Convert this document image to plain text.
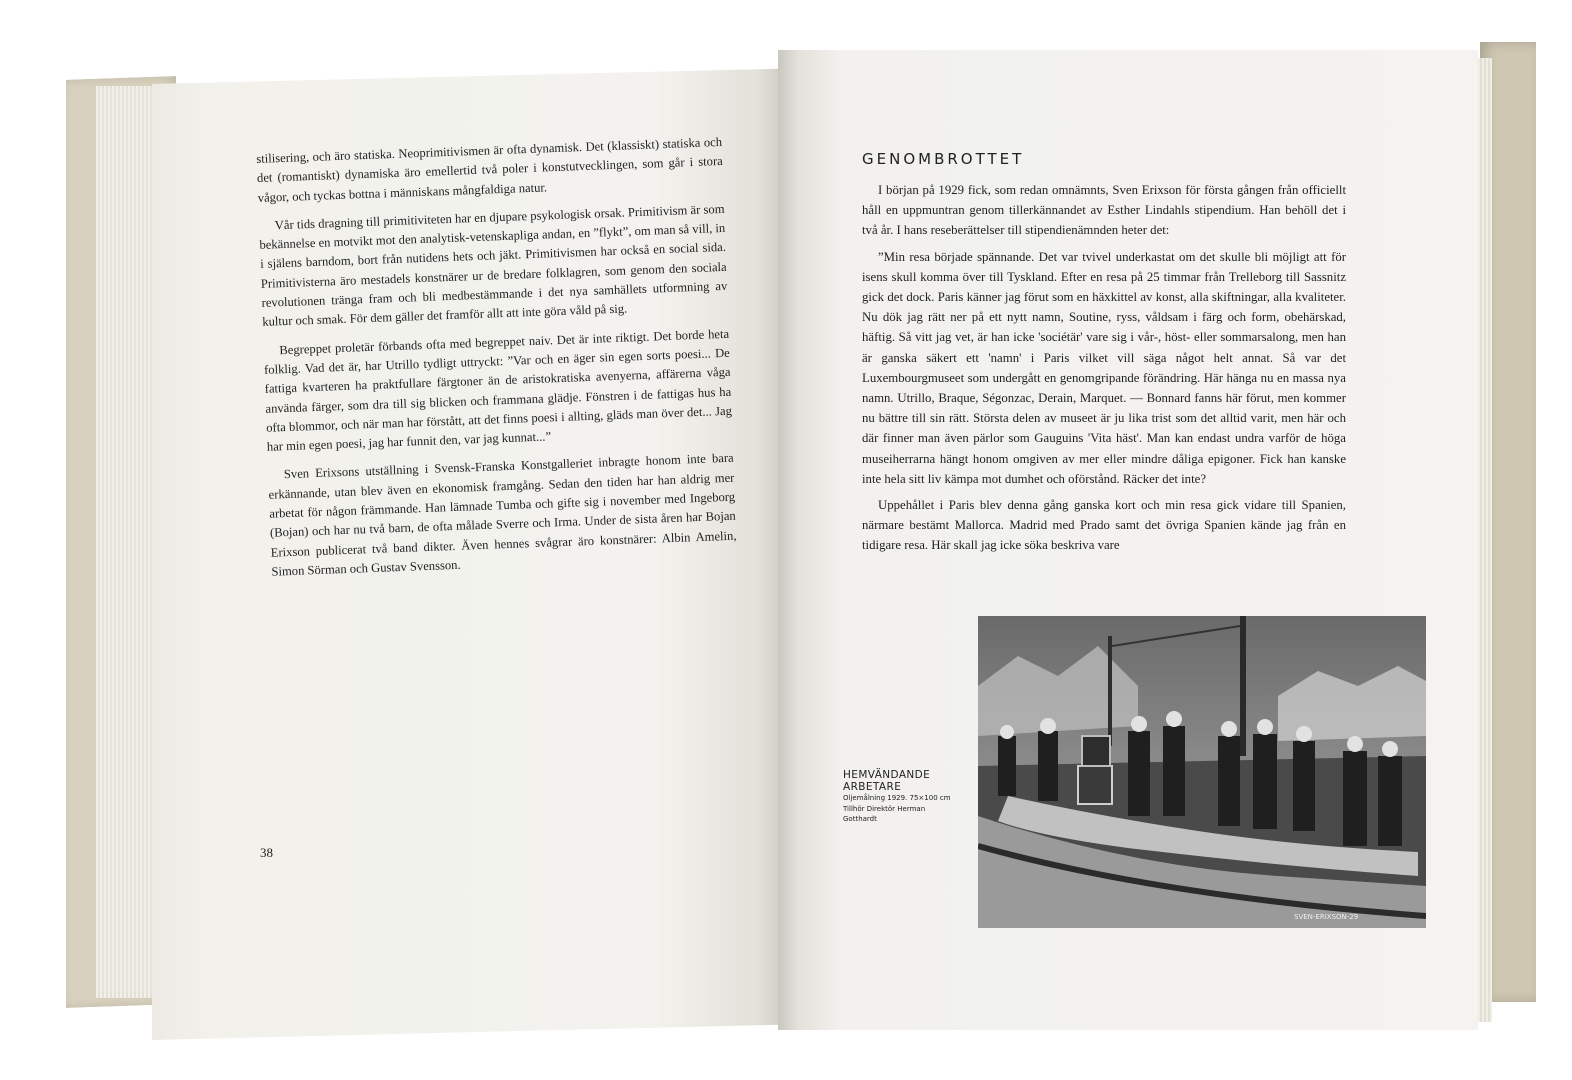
stilisering, och äro statiska. Neoprimitivismen är ofta dynamisk. Det (klassiskt) statiska och det (romantiskt) dynamiska äro emellertid två poler i konstutvecklingen, som går i stora vågor, och tyckas bottna i människans mångfaldiga natur.

Vår tids dragning till primitiviteten har en djupare psykologisk orsak. Primitivism är som bekännelse en motvikt mot den analytisk-vetenskapliga andan, en ”flykt”, om man så vill, in i själens barndom, bort från nutidens hets och jäkt. Primitivismen har också en social sida. Primitivisterna äro mestadels konstnärer ur de bredare folklagren, som genom den sociala revolutionen tränga fram och bli medbestämmande i det nya samhällets utformning av kultur och smak. För dem gäller det framför allt att inte göra våld på sig.

Begreppet proletär förbands ofta med begreppet naiv. Det är inte riktigt. Det borde heta folklig. Vad det är, har Utrillo tydligt uttryckt: ”Var och en äger sin egen sorts poesi... De fattiga kvarteren ha praktfullare färgtoner än de aristokratiska avenyerna, affärerna våga använda färger, som dra till sig blicken och frammana glädje. Fönstren i de fattigas hus ha ofta blommor, och när man har förstått, att det finns poesi i allting, gläds man över det... Jag har min egen poesi, jag har funnit den, var jag kunnat...”

Sven Erixsons utställning i Svensk-Franska Konstgalleriet inbragte honom inte bara erkännande, utan blev även en ekonomisk framgång. Sedan den tiden har han aldrig mer arbetat för någon främmande. Han lämnade Tumba och gifte sig i november med Ingeborg (Bojan) och har nu två barn, de ofta målade Sverre och Irma. Under de sista åren har Bojan Erixson publicerat två band dikter. Även hennes svågrar äro konstnärer: Albin Amelin, Simon Sörman och Gustav Svensson.

38
GENOMBROTTET

I början på 1929 fick, som redan omnämnts, Sven Erixson för första gången från officiellt håll en uppmuntran genom tillerkännandet av Esther Lindahls stipendium. Han behöll det i två år. I hans reseberättelser till stipendienämnden heter det:

”Min resa började spännande. Det var tvivel underkastat om det skulle bli möjligt att för isens skull komma över till Tyskland. Efter en resa på 25 timmar från Trelleborg till Sassnitz gick det dock. Paris känner jag förut som en häxkittel av konst, alla skiftningar, alla kvaliteter. Nu dök jag rätt ner på ett nytt namn, Soutine, ryss, våldsam i färg och form, obehärskad, häftig. Så vitt jag vet, är han icke 'sociétär' vare sig i vår-, höst- eller sommarsalong, men han är ganska säkert ett 'namn' i Paris vilket vill säga något helt annat. Så var det Luxembourgmuseet som undergått en genomgripande förändring. Här hänga nu en massa nya namn. Utrillo, Braque, Ségonzac, Derain, Marquet. — Bonnard fanns här förut, men kommer nu bättre till sin rätt. Största delen av museet är ju lika trist som det alltid varit, men här och där finner man även pärlor som Gauguins 'Vita häst'. Man kan endast undra varför de höga museiherrarna hängt honom omgiven av mer eller mindre dåliga epigoner. Fick han kanske inte hela sitt liv kämpa mot dumhet och oförstånd. Räcker det inte?

Uppehållet i Paris blev denna gång ganska kort och min resa gick vidare till Spanien, närmare bestämt Mallorca. Madrid med Prado samt det övriga Spanien kände jag från en tidigare resa. Här skall jag icke söka beskriva vare

HEMVÄNDANDE
ARBETARE
Oljemålning 1929. 75×100 cm
Tillhör Direktör Herman
Gotthardt
SVEN-ERIXSON-29
